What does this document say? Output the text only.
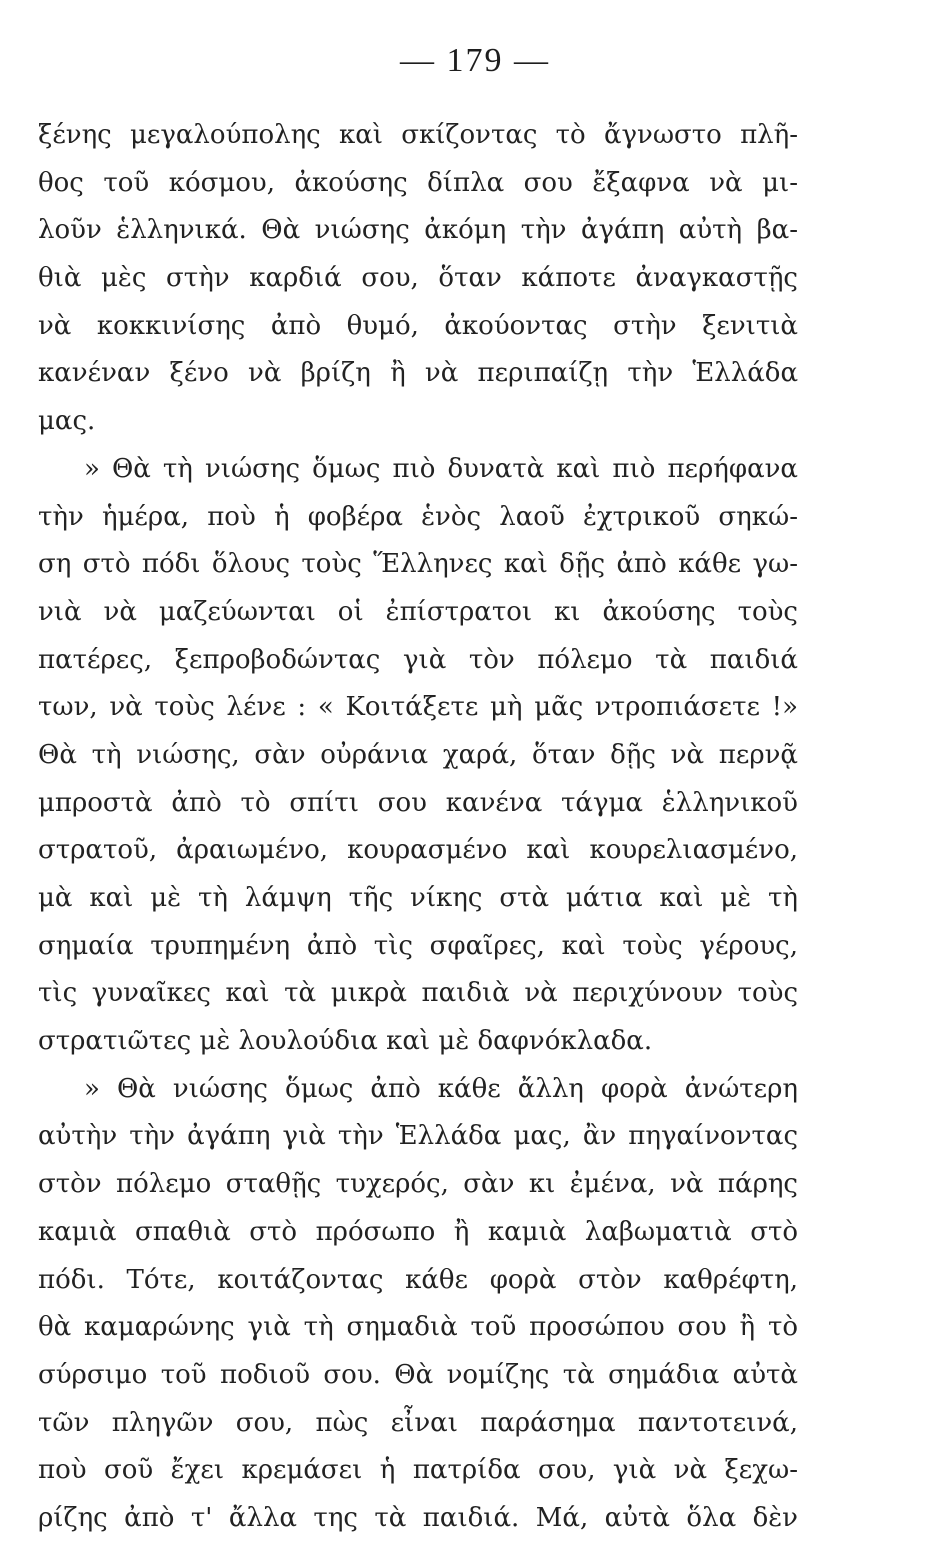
— 179 —
ξένης μεγαλούπολης καὶ σκίζοντας τὸ ἄγνωστο πλῆ-
θος τοῦ κόσμου, ἀκούσης δίπλα σου ἔξαφνα νὰ μι-
λοῦν ἑλληνικά. Θὰ νιώσης ἀκόμη τὴν ἀγάπη αὐτὴ βα-
θιὰ μὲς στὴν καρδιά σου, ὅταν κάποτε ἀναγκαστῇς
νὰ κοκκινίσης ἀπὸ θυμό, ἀκούοντας στὴν ξενιτιὰ
κανέναν ξένο νὰ βρίζη ἢ νὰ περιπαίζῃ τὴν Ἑλλάδα
μας.
» Θὰ τὴ νιώσης ὅμως πιὸ δυνατὰ καὶ πιὸ περήφανα
τὴν ἡμέρα, ποὺ ἡ φοβέρα ἑνὸς λαοῦ ἐχτρικοῦ σηκώ-
ση στὸ πόδι ὅλους τοὺς Ἕλληνες καὶ δῇς ἀπὸ κάθε γω-
νιὰ νὰ μαζεύωνται οἱ ἐπίστρατοι κι ἀκούσης τοὺς
πατέρες, ξεπροβοδώντας γιὰ τὸν πόλεμο τὰ παιδιά
των, νὰ τοὺς λένε : « Κοιτάξετε μὴ μᾶς ντροπιάσετε !»
Θὰ τὴ νιώσης, σὰν οὐράνια χαρά, ὅταν δῇς νὰ περνᾷ
μπροστὰ ἀπὸ τὸ σπίτι σου κανένα τάγμα ἑλληνικοῦ
στρατοῦ, ἀραιωμένο, κουρασμένο καὶ κουρελιασμένο,
μὰ καὶ μὲ τὴ λάμψη τῆς νίκης στὰ μάτια καὶ μὲ τὴ
σημαία τρυπημένη ἀπὸ τὶς σφαῖρες, καὶ τοὺς γέρους,
τὶς γυναῖκες καὶ τὰ μικρὰ παιδιὰ νὰ περιχύνουν τοὺς
στρατιῶτες μὲ λουλούδια καὶ μὲ δαφνόκλαδα.
» Θὰ νιώσης ὅμως ἀπὸ κάθε ἄλλη φορὰ ἀνώτερη
αὐτὴν τὴν ἀγάπη γιὰ τὴν Ἑλλάδα μας, ἂν πηγαίνοντας
στὸν πόλεμο σταθῇς τυχερός, σὰν κι ἐμένα, νὰ πάρης
καμιὰ σπαθιὰ στὸ πρόσωπο ἢ καμιὰ λαβωματιὰ στὸ
πόδι. Τότε, κοιτάζοντας κάθε φορὰ στὸν καθρέφτη,
θὰ καμαρώνης γιὰ τὴ σημαδιὰ τοῦ προσώπου σου ἢ τὸ
σύρσιμο τοῦ ποδιοῦ σου. Θὰ νομίζης τὰ σημάδια αὐτὰ
τῶν πληγῶν σου, πὼς εἶναι παράσημα παντοτεινά,
ποὺ σοῦ ἔχει κρεμάσει ἡ πατρίδα σου, γιὰ νὰ ξεχω-
ρίζης ἀπὸ τ' ἄλλα της τὰ παιδιά. Μά, αὐτὰ ὅλα δὲν
